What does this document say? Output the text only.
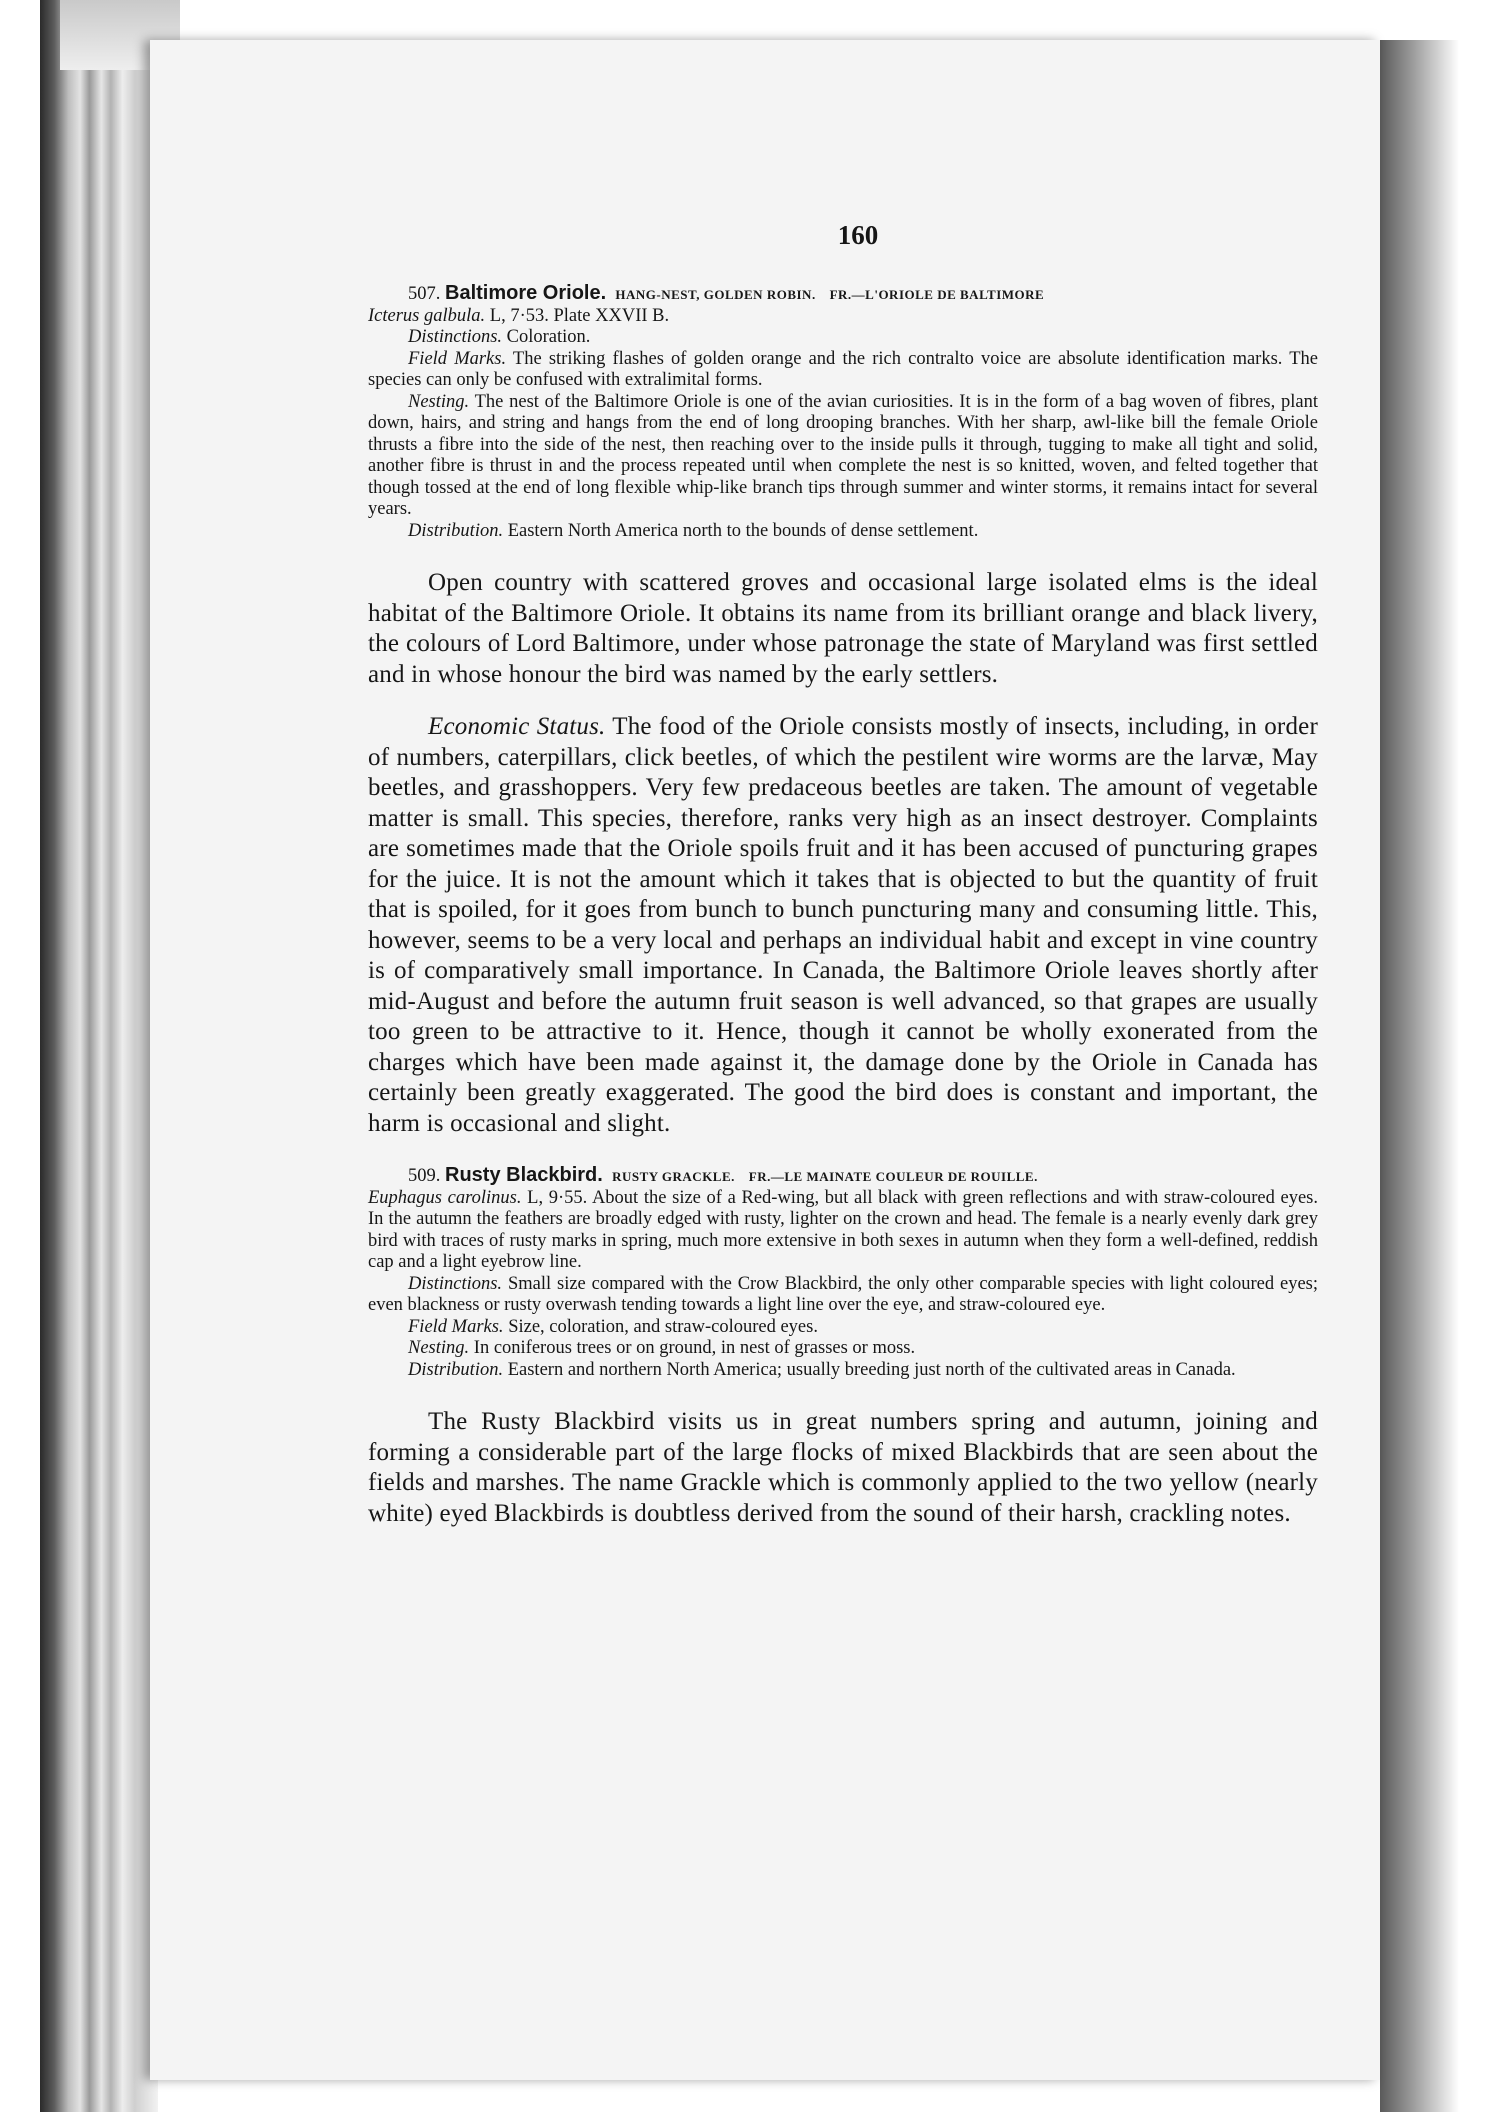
160

507. Baltimore Oriole. HANG-NEST, GOLDEN ROBIN. FR.—L'ORIOLE DE BALTIMORE

Icterus galbula. L, 7·53. Plate XXVII B.

Distinctions. Coloration.

Field Marks. The striking flashes of golden orange and the rich contralto voice are absolute identification marks. The species can only be confused with extralimital forms.

Nesting. The nest of the Baltimore Oriole is one of the avian curiosities. It is in the form of a bag woven of fibres, plant down, hairs, and string and hangs from the end of long drooping branches. With her sharp, awl-like bill the female Oriole thrusts a fibre into the side of the nest, then reaching over to the inside pulls it through, tugging to make all tight and solid, another fibre is thrust in and the process repeated until when complete the nest is so knitted, woven, and felted together that though tossed at the end of long flexible whip-like branch tips through summer and winter storms, it remains intact for several years.

Distribution. Eastern North America north to the bounds of dense settlement.

Open country with scattered groves and occasional large isolated elms is the ideal habitat of the Baltimore Oriole. It obtains its name from its brilliant orange and black livery, the colours of Lord Baltimore, under whose patronage the state of Maryland was first settled and in whose honour the bird was named by the early settlers.

Economic Status. The food of the Oriole consists mostly of insects, including, in order of numbers, caterpillars, click beetles, of which the pestilent wire worms are the larvæ, May beetles, and grasshoppers. Very few predaceous beetles are taken. The amount of vegetable matter is small. This species, therefore, ranks very high as an insect destroyer. Complaints are sometimes made that the Oriole spoils fruit and it has been accused of puncturing grapes for the juice. It is not the amount which it takes that is objected to but the quantity of fruit that is spoiled, for it goes from bunch to bunch puncturing many and consuming little. This, however, seems to be a very local and perhaps an individual habit and except in vine country is of comparatively small importance. In Canada, the Baltimore Oriole leaves shortly after mid-August and before the autumn fruit season is well advanced, so that grapes are usually too green to be attractive to it. Hence, though it cannot be wholly exonerated from the charges which have been made against it, the damage done by the Oriole in Canada has certainly been greatly exaggerated. The good the bird does is constant and important, the harm is occasional and slight.

509. Rusty Blackbird. RUSTY GRACKLE. FR.—LE MAINATE COULEUR DE ROUILLE.

Euphagus carolinus. L, 9·55. About the size of a Red-wing, but all black with green reflections and with straw-coloured eyes. In the autumn the feathers are broadly edged with rusty, lighter on the crown and head. The female is a nearly evenly dark grey bird with traces of rusty marks in spring, much more extensive in both sexes in autumn when they form a well-defined, reddish cap and a light eyebrow line.

Distinctions. Small size compared with the Crow Blackbird, the only other comparable species with light coloured eyes; even blackness or rusty overwash tending towards a light line over the eye, and straw-coloured eye.

Field Marks. Size, coloration, and straw-coloured eyes.

Nesting. In coniferous trees or on ground, in nest of grasses or moss.

Distribution. Eastern and northern North America; usually breeding just north of the cultivated areas in Canada.

The Rusty Blackbird visits us in great numbers spring and autumn, joining and forming a considerable part of the large flocks of mixed Blackbirds that are seen about the fields and marshes. The name Grackle which is commonly applied to the two yellow (nearly white) eyed Blackbirds is doubtless derived from the sound of their harsh, crackling notes.
